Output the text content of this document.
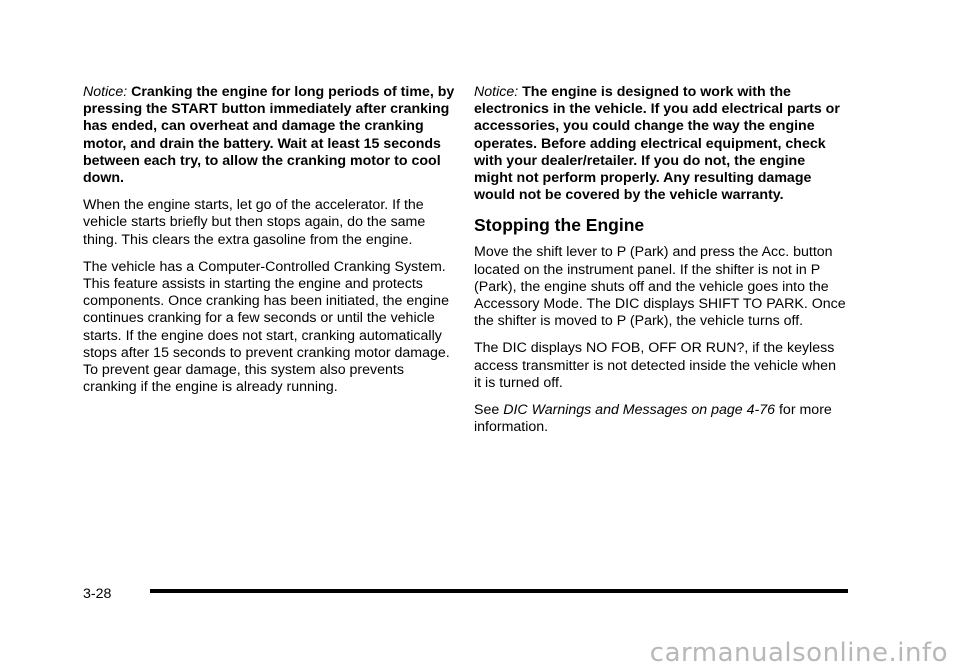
Notice: Cranking the engine for long periods of time, by pressing the START button immediately after cranking has ended, can overheat and damage the cranking motor, and drain the battery. Wait at least 15 seconds between each try, to allow the cranking motor to cool down.

When the engine starts, let go of the accelerator. If the vehicle starts briefly but then stops again, do the same thing. This clears the extra gasoline from the engine.

The vehicle has a Computer-Controlled Cranking System. This feature assists in starting the engine and protects components. Once cranking has been initiated, the engine continues cranking for a few seconds or until the vehicle starts. If the engine does not start, cranking automatically stops after 15 seconds to prevent cranking motor damage. To prevent gear damage, this system also prevents cranking if the engine is already running.

Notice: The engine is designed to work with the electronics in the vehicle. If you add electrical parts or accessories, you could change the way the engine operates. Before adding electrical equipment, check with your dealer/retailer. If you do not, the engine might not perform properly. Any resulting damage would not be covered by the vehicle warranty.

Stopping the Engine

Move the shift lever to P (Park) and press the Acc. button located on the instrument panel. If the shifter is not in P (Park), the engine shuts off and the vehicle goes into the Accessory Mode. The DIC displays SHIFT TO PARK. Once the shifter is moved to P (Park), the vehicle turns off.

The DIC displays NO FOB, OFF OR RUN?, if the keyless access transmitter is not detected inside the vehicle when it is turned off.

See DIC Warnings and Messages on page 4-76 for more information.

3-28
carmanualsonline.info
